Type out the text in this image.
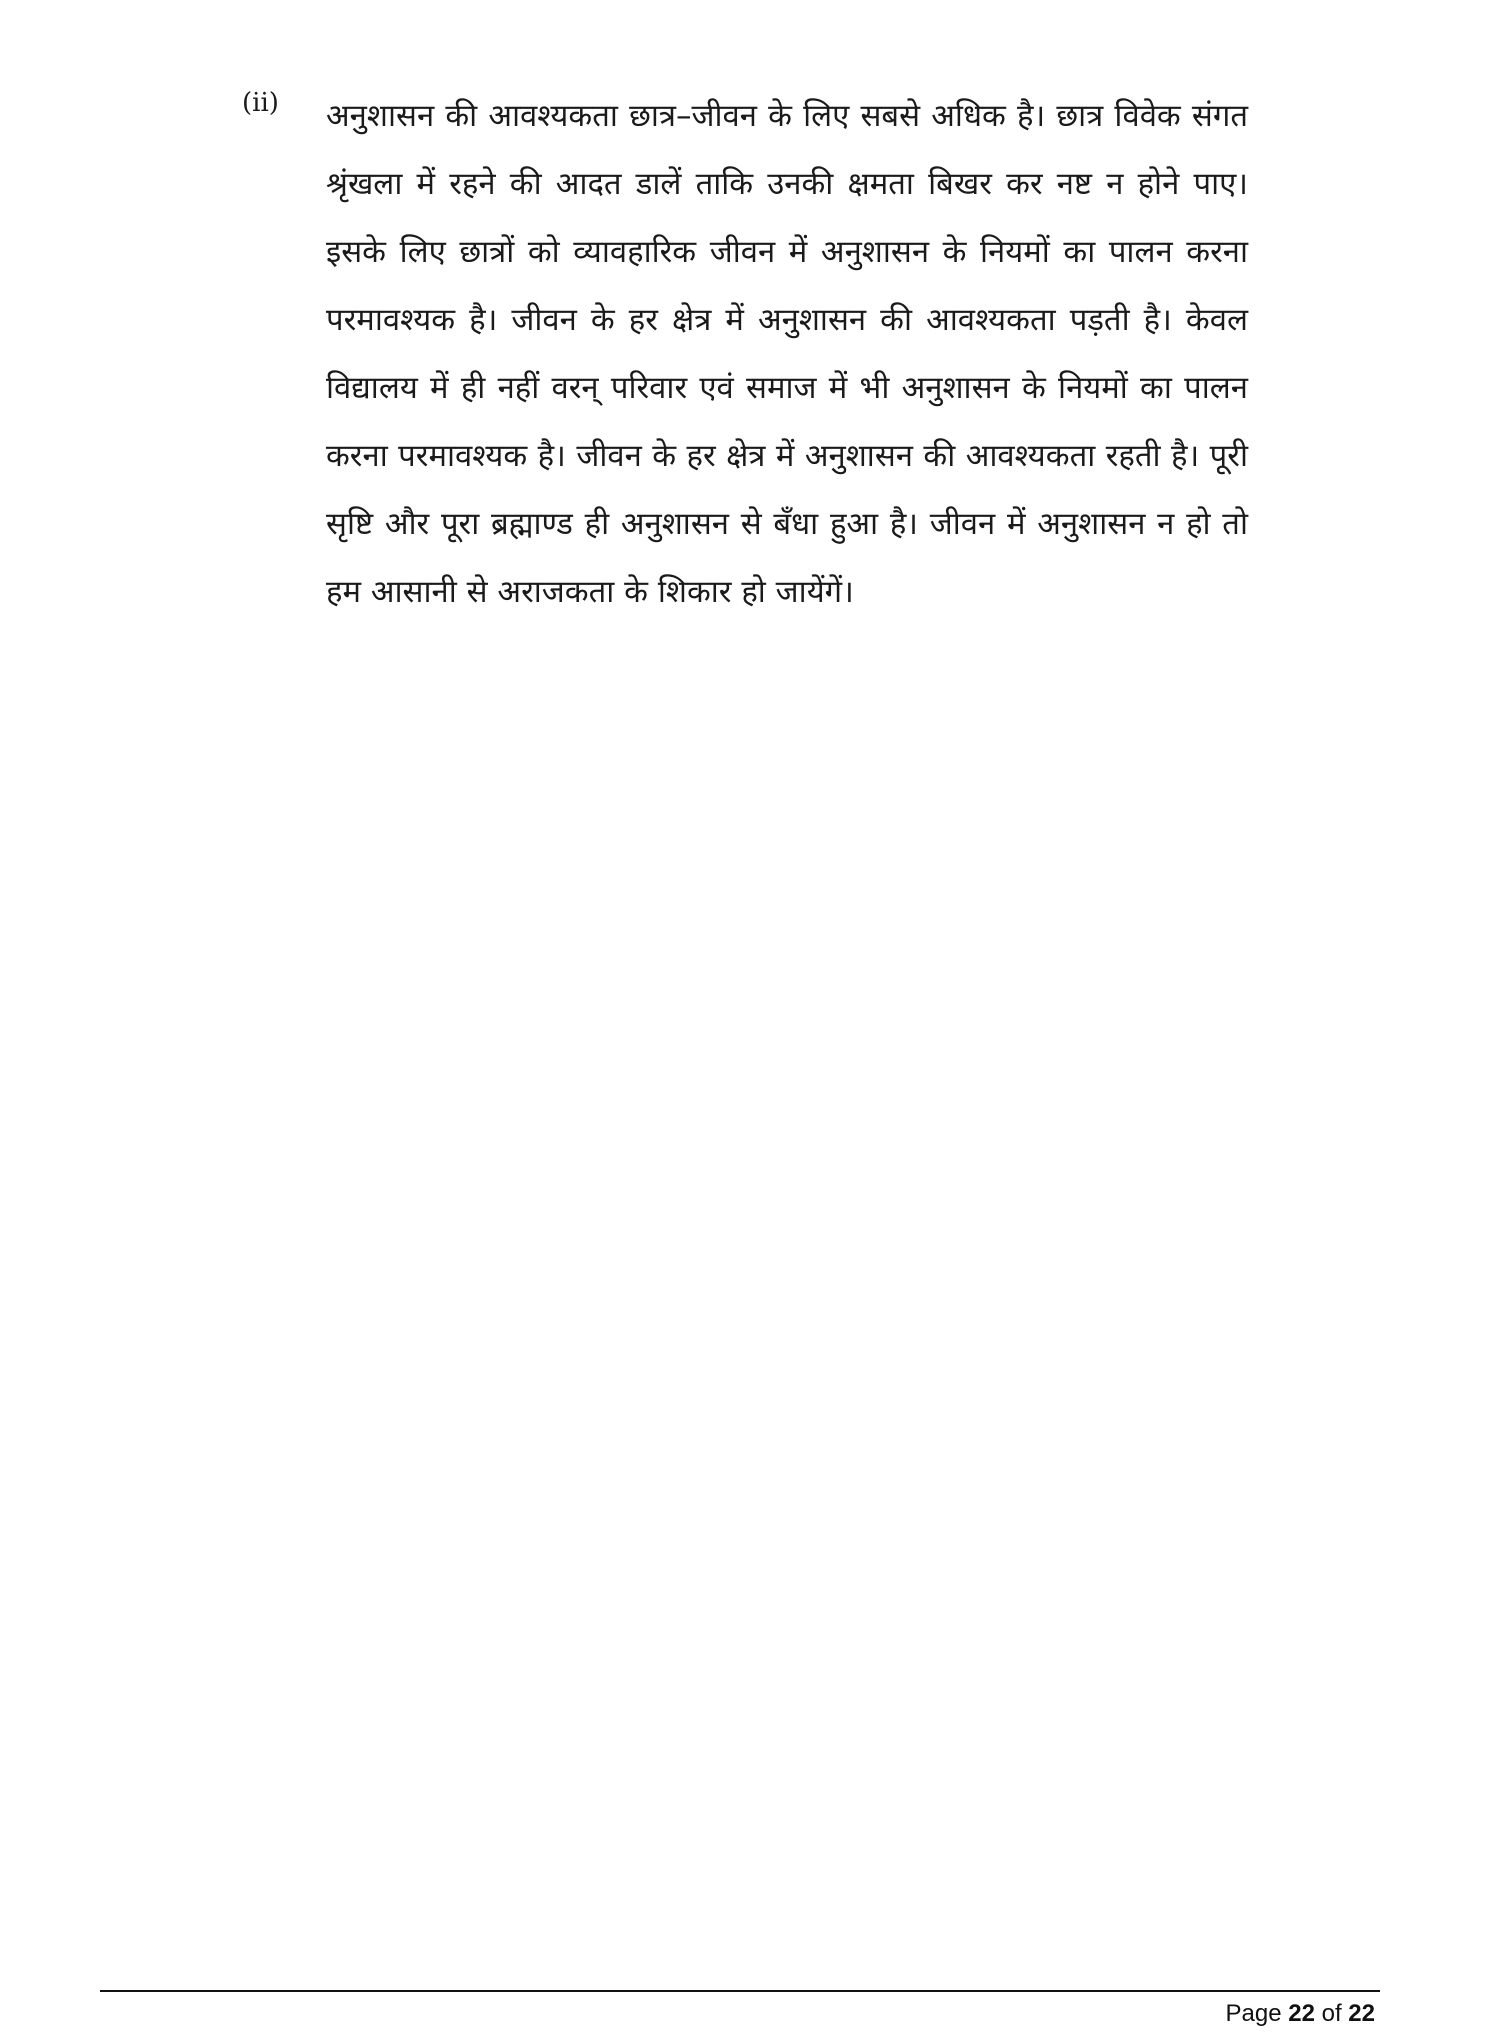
(ii) अनुशासन की आवश्यकता छात्र–जीवन के लिए सबसे अधिक है। छात्र विवेक संगत श्रृंखला में रहने की आदत डालें ताकि उनकी क्षमता बिखर कर नष्ट न होने पाए। इसके लिए छात्रों को व्यावहारिक जीवन में अनुशासन के नियमों का पालन करना परमावश्यक है। जीवन के हर क्षेत्र में अनुशासन की आवश्यकता पड़ती है। केवल विद्यालय में ही नहीं वरन् परिवार एवं समाज में भी अनुशासन के नियमों का पालन करना परमावश्यक है। जीवन के हर क्षेत्र में अनुशासन की आवश्यकता रहती है। पूरी सृष्टि और पूरा ब्रह्माण्ड ही अनुशासन से बँधा हुआ है। जीवन में अनुशासन न हो तो हम आसानी से अराजकता के शिकार हो जायेंगें।

Page 22 of 22
